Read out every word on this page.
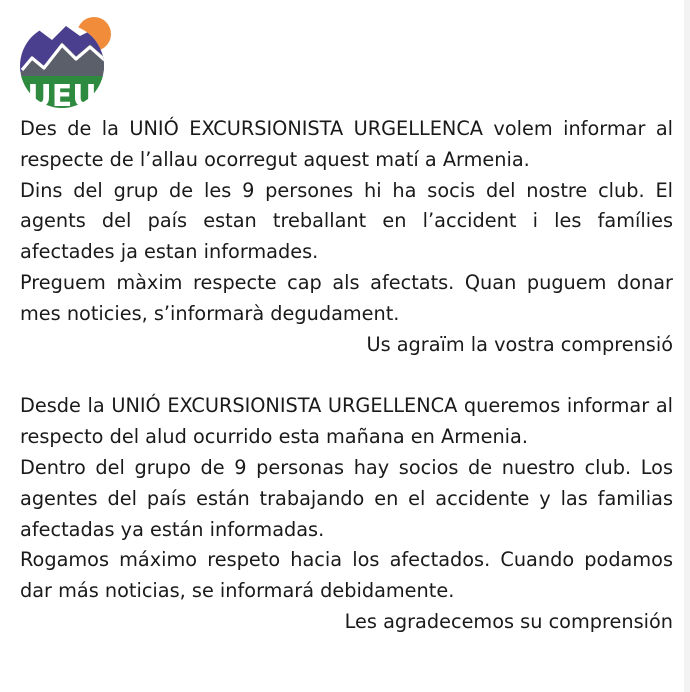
UEU

Des de la UNIÓ EXCURSIONISTA URGELLENCA volem informar al respecte de l’allau ocorregut aquest matí a Armenia.

Dins del grup de les 9 persones hi ha socis del nostre club. El agents del país estan treballant en l’accident i les famílies afectades ja estan informades.

Preguem màxim respecte cap als afectats. Quan puguem donar mes noticies, s’informarà degudament.

Us agraïm la vostra comprensió

Desde la UNIÓ EXCURSIONISTA URGELLENCA queremos informar al respecto del alud ocurrido esta mañana en Armenia.

Dentro del grupo de 9 personas hay socios de nuestro club. Los agentes del país están trabajando en el accidente y las familias afectadas ya están informadas.

Rogamos máximo respeto hacia los afectados. Cuando podamos dar más noticias, se informará debidamente.

Les agradecemos su comprensión
